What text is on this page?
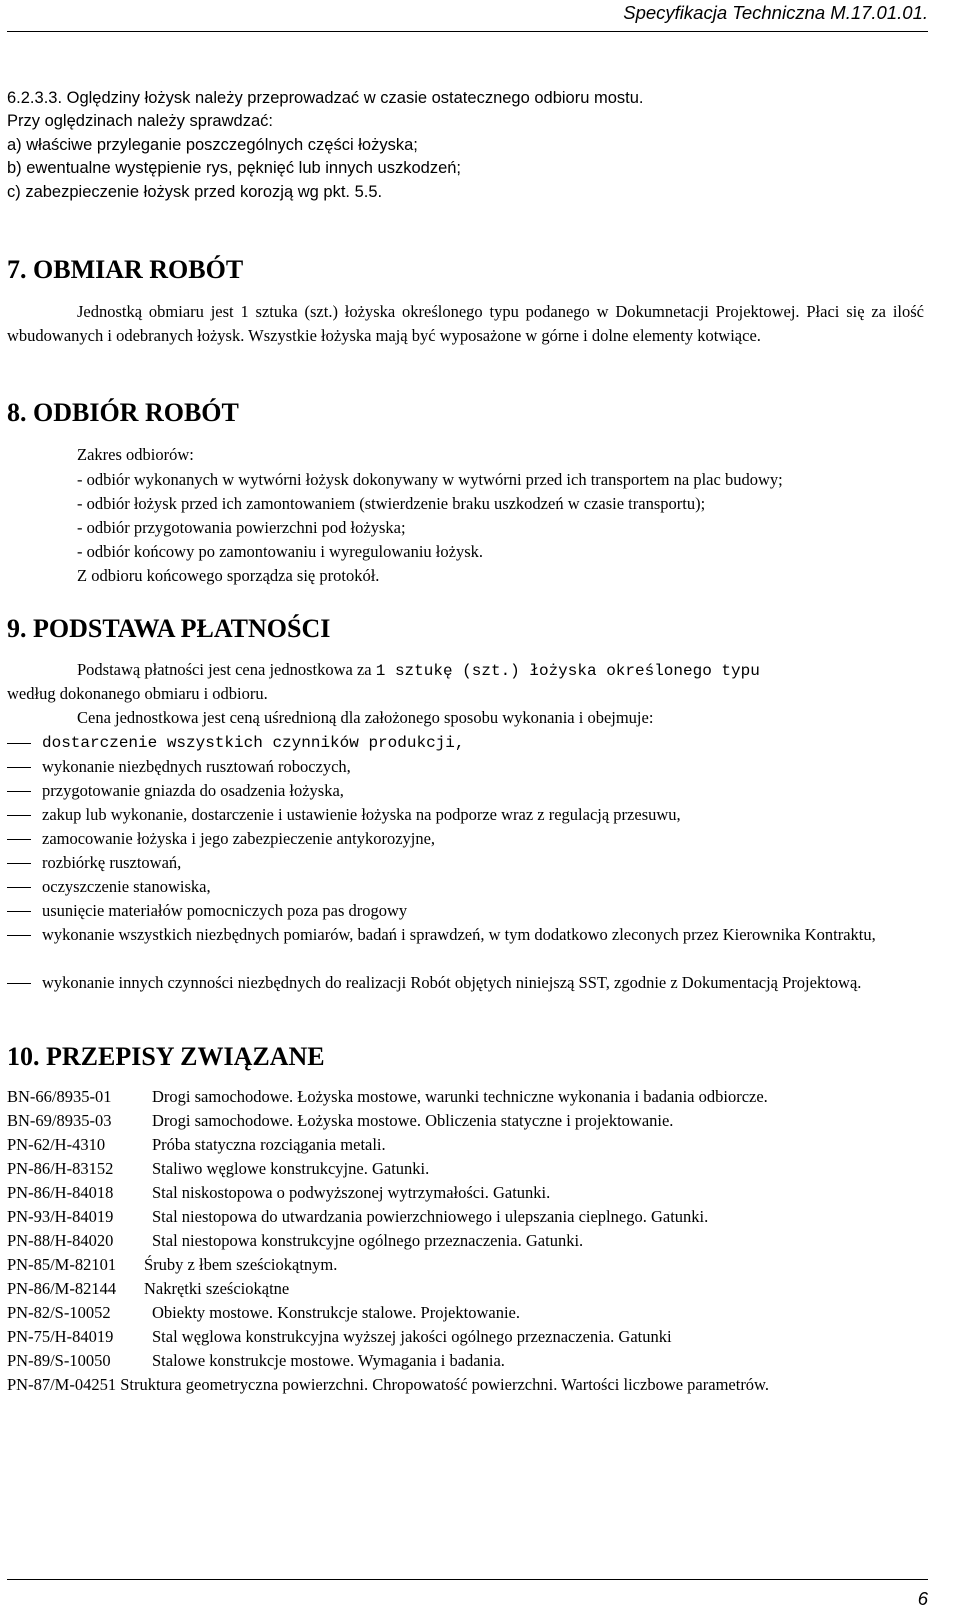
Specyfikacja Techniczna M.17.01.01.
6.2.3.3. Oględziny łożysk należy przeprowadzać w czasie ostatecznego odbioru mostu.
Przy oględzinach należy sprawdzać:
a) właściwe przyleganie poszczególnych części łożyska;
b) ewentualne występienie rys, pęknięć lub innych uszkodzeń;
c) zabezpieczenie łożysk przed korozją wg pkt. 5.5.
7. OBMIAR ROBÓT
Jednostką obmiaru jest 1 sztuka (szt.) łożyska określonego typu podanego w Dokumnetacji Projektowej. Płaci się za ilość wbudowanych i odebranych łożysk. Wszystkie łożyska mają być wyposażone w górne i dolne elementy kotwiące.
8. ODBIÓR ROBÓT
Zakres odbiorów:
- odbiór wykonanych w wytwórni łożysk dokonywany w wytwórni przed ich transportem na plac budowy;
- odbiór łożysk przed ich zamontowaniem (stwierdzenie braku uszkodzeń w czasie transportu);
- odbiór przygotowania powierzchni pod łożyska;
- odbiór końcowy po zamontowaniu i wyregulowaniu łożysk.
Z odbioru końcowego sporządza się protokół.
9. PODSTAWA PŁATNOŚCI
Podstawą płatności jest cena jednostkowa za 1 sztukę (szt.) łożyska określonego typu
według dokonanego obmiaru i odbioru.
Cena jednostkowa jest ceną uśrednioną dla założonego sposobu wykonania i obejmuje:
dostarczenie wszystkich czynników produkcji,
wykonanie niezbędnych rusztowań roboczych,
przygotowanie gniazda do osadzenia łożyska,
zakup lub wykonanie, dostarczenie i ustawienie łożyska na podporze wraz z regulacją przesuwu,
zamocowanie łożyska i jego zabezpieczenie antykorozyjne,
rozbiórkę rusztowań,
oczyszczenie stanowiska,
usunięcie materiałów pomocniczych poza pas drogowy
wykonanie wszystkich niezbędnych pomiarów, badań i sprawdzeń, w tym dodatkowo zleconych przez Kierownika Kontraktu,
wykonanie innych czynności niezbędnych do realizacji Robót objętych niniejszą SST, zgodnie z Dokumentacją Projektową.
10. PRZEPISY ZWIĄZANE
BN-66/8935-01 Drogi samochodowe. Łożyska mostowe, warunki techniczne wykonania i badania odbiorcze.
BN-69/8935-03 Drogi samochodowe. Łożyska mostowe. Obliczenia statyczne i projektowanie.
PN-62/H-4310	Próba statyczna rozciągania metali.
PN-86/H-83152 Staliwo węglowe konstrukcyjne. Gatunki.
PN-86/H-84018 Stal niskostopowa o podwyższonej wytrzymałości. Gatunki.
PN-93/H-84019 Stal niestopowa do utwardzania powierzchniowego i ulepszania cieplnego. Gatunki.
PN-88/H-84020 Stal niestopowa konstrukcyjne ogólnego przeznaczenia. Gatunki.
PN-85/M-82101 Śruby z łbem sześciokątnym.
PN-86/M-82144 Nakrętki sześciokątne
PN-82/S-10052	Obiekty mostowe. Konstrukcje stalowe. Projektowanie.
PN-75/H-84019 Stal węglowa konstrukcyjna wyższej jakości ogólnego przeznaczenia. Gatunki
PN-89/S-10050	Stalowe konstrukcje mostowe. Wymagania i badania.
PN-87/M-04251 Struktura geometryczna powierzchni. Chropowatość powierzchni. Wartości liczbowe parametrów.
6
